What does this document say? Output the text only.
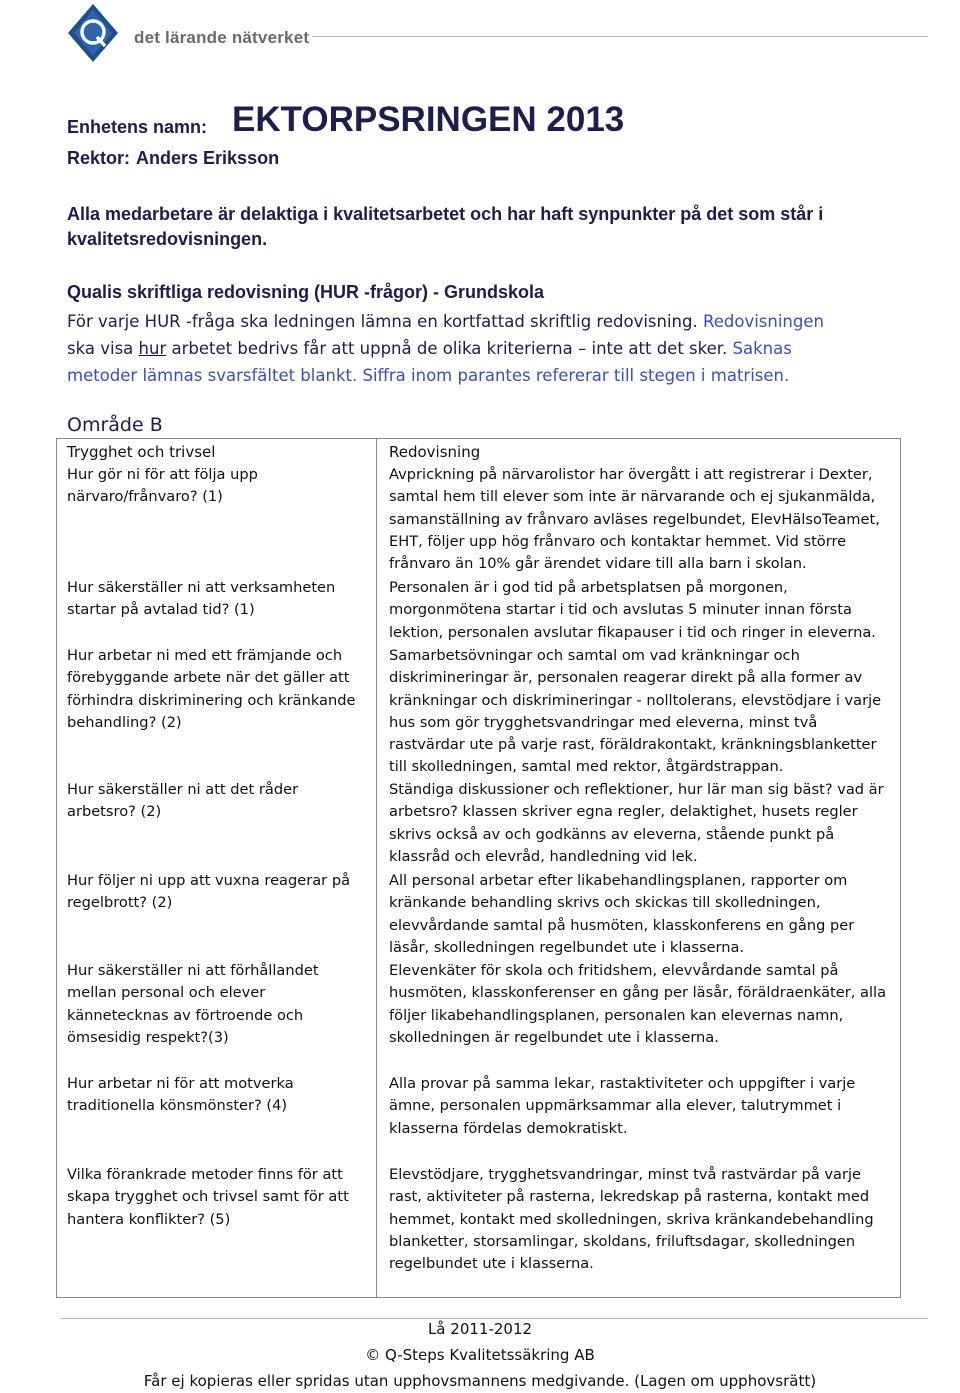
det lärande nätverket
Enhetens namn: EKTORPSRINGEN 2013
Rektor: Anders Eriksson
Alla medarbetare är delaktiga i kvalitetsarbetet och har haft synpunkter på det som står i kvalitetsredovisningen.
Qualis skriftliga redovisning (HUR -frågor) - Grundskola
För varje HUR -fråga ska ledningen lämna en kortfattad skriftlig redovisning. Redovisningen
ska visa hur arbetet bedrivs får att uppnå de olika kriterierna – inte att det sker. Saknas
metoder lämnas svarsfältet blankt. Siffra inom parantes refererar till stegen i matrisen.
Område B
Trygghet och trivsel	Redovisning
Hur gör ni för att följa upp närvaro/frånvaro? (1)
Avprickning på närvarolistor har övergått i att registrerar i Dexter, samtal hem till elever som inte är närvarande och ej sjukanmälda, samanställning av frånvaro avläses regelbundet, ElevHälsoTeamet, EHT, följer upp hög frånvaro och kontaktar hemmet. Vid större frånvaro än 10% går ärendet vidare till alla barn i skolan.
Hur säkerställer ni att verksamheten startar på avtalad tid? (1)
Personalen är i god tid på arbetsplatsen på morgonen, morgonmötena startar i tid och avslutas 5 minuter innan första lektion, personalen avslutar fikapauser i tid och ringer in eleverna.
Hur arbetar ni med ett främjande och förebyggande arbete när det gäller att förhindra diskriminering och kränkande behandling? (2)
Samarbetsövningar och samtal om vad kränkningar och diskrimineringar är, personalen reagerar direkt på alla former av kränkningar och diskrimineringar - nolltolerans, elevstödjare i varje hus som gör trygghetsvandringar med eleverna, minst två rastvärdar ute på varje rast, föräldrakontakt, kränkningsblanketter till skolledningen, samtal med rektor, åtgärdstrappan.
Hur säkerställer ni att det råder arbetsro? (2)
Ständiga diskussioner och reflektioner, hur lär man sig bäst? vad är arbetsro? klassen skriver egna regler, delaktighet, husets regler skrivs också av och godkänns av eleverna, stående punkt på klassråd och elevråd, handledning vid lek.
Hur följer ni upp att vuxna reagerar på regelbrott? (2)
All personal arbetar efter likabehandlingsplanen, rapporter om kränkande behandling skrivs och skickas till skolledningen, elevvårdande samtal på husmöten, klasskonferens en gång per läsår, skolledningen regelbundet ute i klasserna.
Hur säkerställer ni att förhållandet mellan personal och elever kännetecknas av förtroende och ömsesidig respekt?(3)
Elevenkäter för skola och fritidshem, elevvårdande samtal på husmöten, klasskonferenser en gång per läsår, föräldraenkäter, alla följer likabehandlingsplanen, personalen kan elevernas namn, skolledningen är regelbundet ute i klasserna.
Hur arbetar ni för att motverka traditionella könsmönster? (4)
Alla provar på samma lekar, rastaktiviteter och uppgifter i varje ämne, personalen uppmärksammar alla elever, talutrymmet i klasserna fördelas demokratiskt.
Vilka förankrade metoder finns för att skapa trygghet och trivsel samt för att hantera konflikter? (5)
Elevstödjare, trygghetsvandringar, minst två rastvärdar på varje rast, aktiviteter på rasterna, lekredskap på rasterna, kontakt med hemmet, kontakt med skolledningen, skriva kränkandebehandling blanketter, storsamlingar, skoldans, friluftsdagar, skolledningen regelbundet ute i klasserna.
Lå 2011-2012
© Q-Steps Kvalitetssäkring AB
Får ej kopieras eller spridas utan upphovsmannens medgivande. (Lagen om upphovsrätt)
